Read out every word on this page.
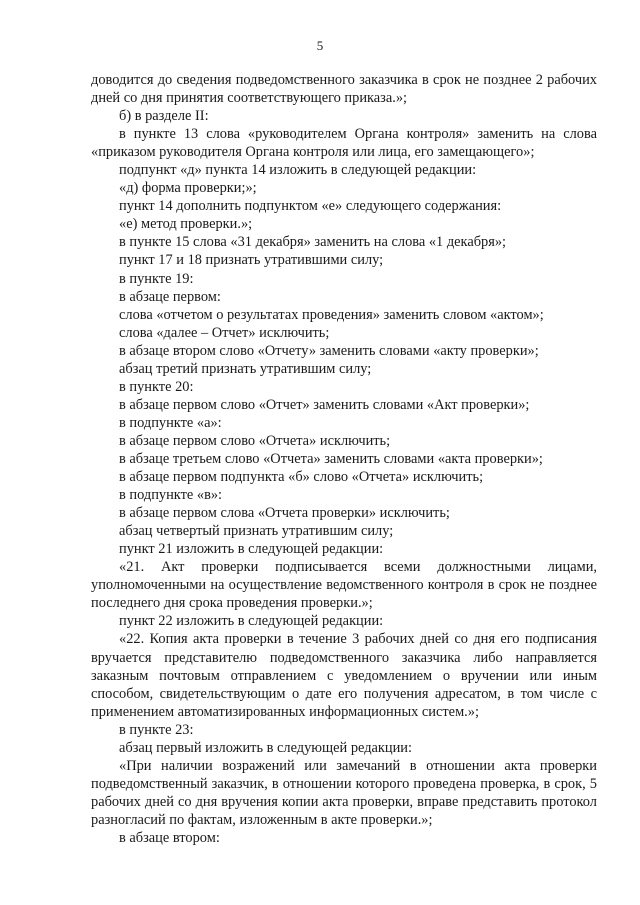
5

доводится до сведения подведомственного заказчика в срок не позднее 2 рабочих дней со дня принятия соответствующего приказа.»;

б) в разделе II:

в пункте 13 слова «руководителем Органа контроля» заменить на слова «приказом руководителя Органа контроля или лица, его замещающего»;

подпункт «д» пункта 14 изложить в следующей редакции:

«д) форма проверки;»;

пункт 14 дополнить подпунктом «е» следующего содержания:

«е) метод проверки.»;

в пункте 15 слова «31 декабря» заменить на слова «1 декабря»;

пункт 17 и 18 признать утратившими силу;

в пункте 19:

в абзаце первом:

слова «отчетом о результатах проведения» заменить словом «актом»;

слова «далее – Отчет» исключить;

в абзаце втором слово «Отчету» заменить словами «акту проверки»;

абзац третий признать утратившим силу;

в пункте 20:

в абзаце первом слово «Отчет» заменить словами «Акт проверки»;

в подпункте «а»:

в абзаце первом слово «Отчета» исключить;

в абзаце третьем слово «Отчета» заменить словами «акта проверки»;

в абзаце первом подпункта «б» слово «Отчета» исключить;

в подпункте «в»:

в абзаце первом слова «Отчета проверки» исключить;

абзац четвертый признать утратившим силу;

пункт 21 изложить в следующей редакции:

«21. Акт проверки подписывается всеми должностными лицами, уполномоченными на осуществление ведомственного контроля в срок не позднее последнего дня срока проведения проверки.»;

пункт 22 изложить в следующей редакции:

«22. Копия акта проверки в течение 3 рабочих дней со дня его подписания вручается представителю подведомственного заказчика либо направляется заказным почтовым отправлением с уведомлением о вручении или иным способом, свидетельствующим о дате его получения адресатом, в том числе с применением автоматизированных информационных систем.»;

в пункте 23:

абзац первый изложить в следующей редакции:

«При наличии возражений или замечаний в отношении акта проверки подведомственный заказчик, в отношении которого проведена проверка, в срок, 5 рабочих дней со дня вручения копии акта проверки, вправе представить протокол разногласий по фактам, изложенным в акте проверки.»;

в абзаце втором:
